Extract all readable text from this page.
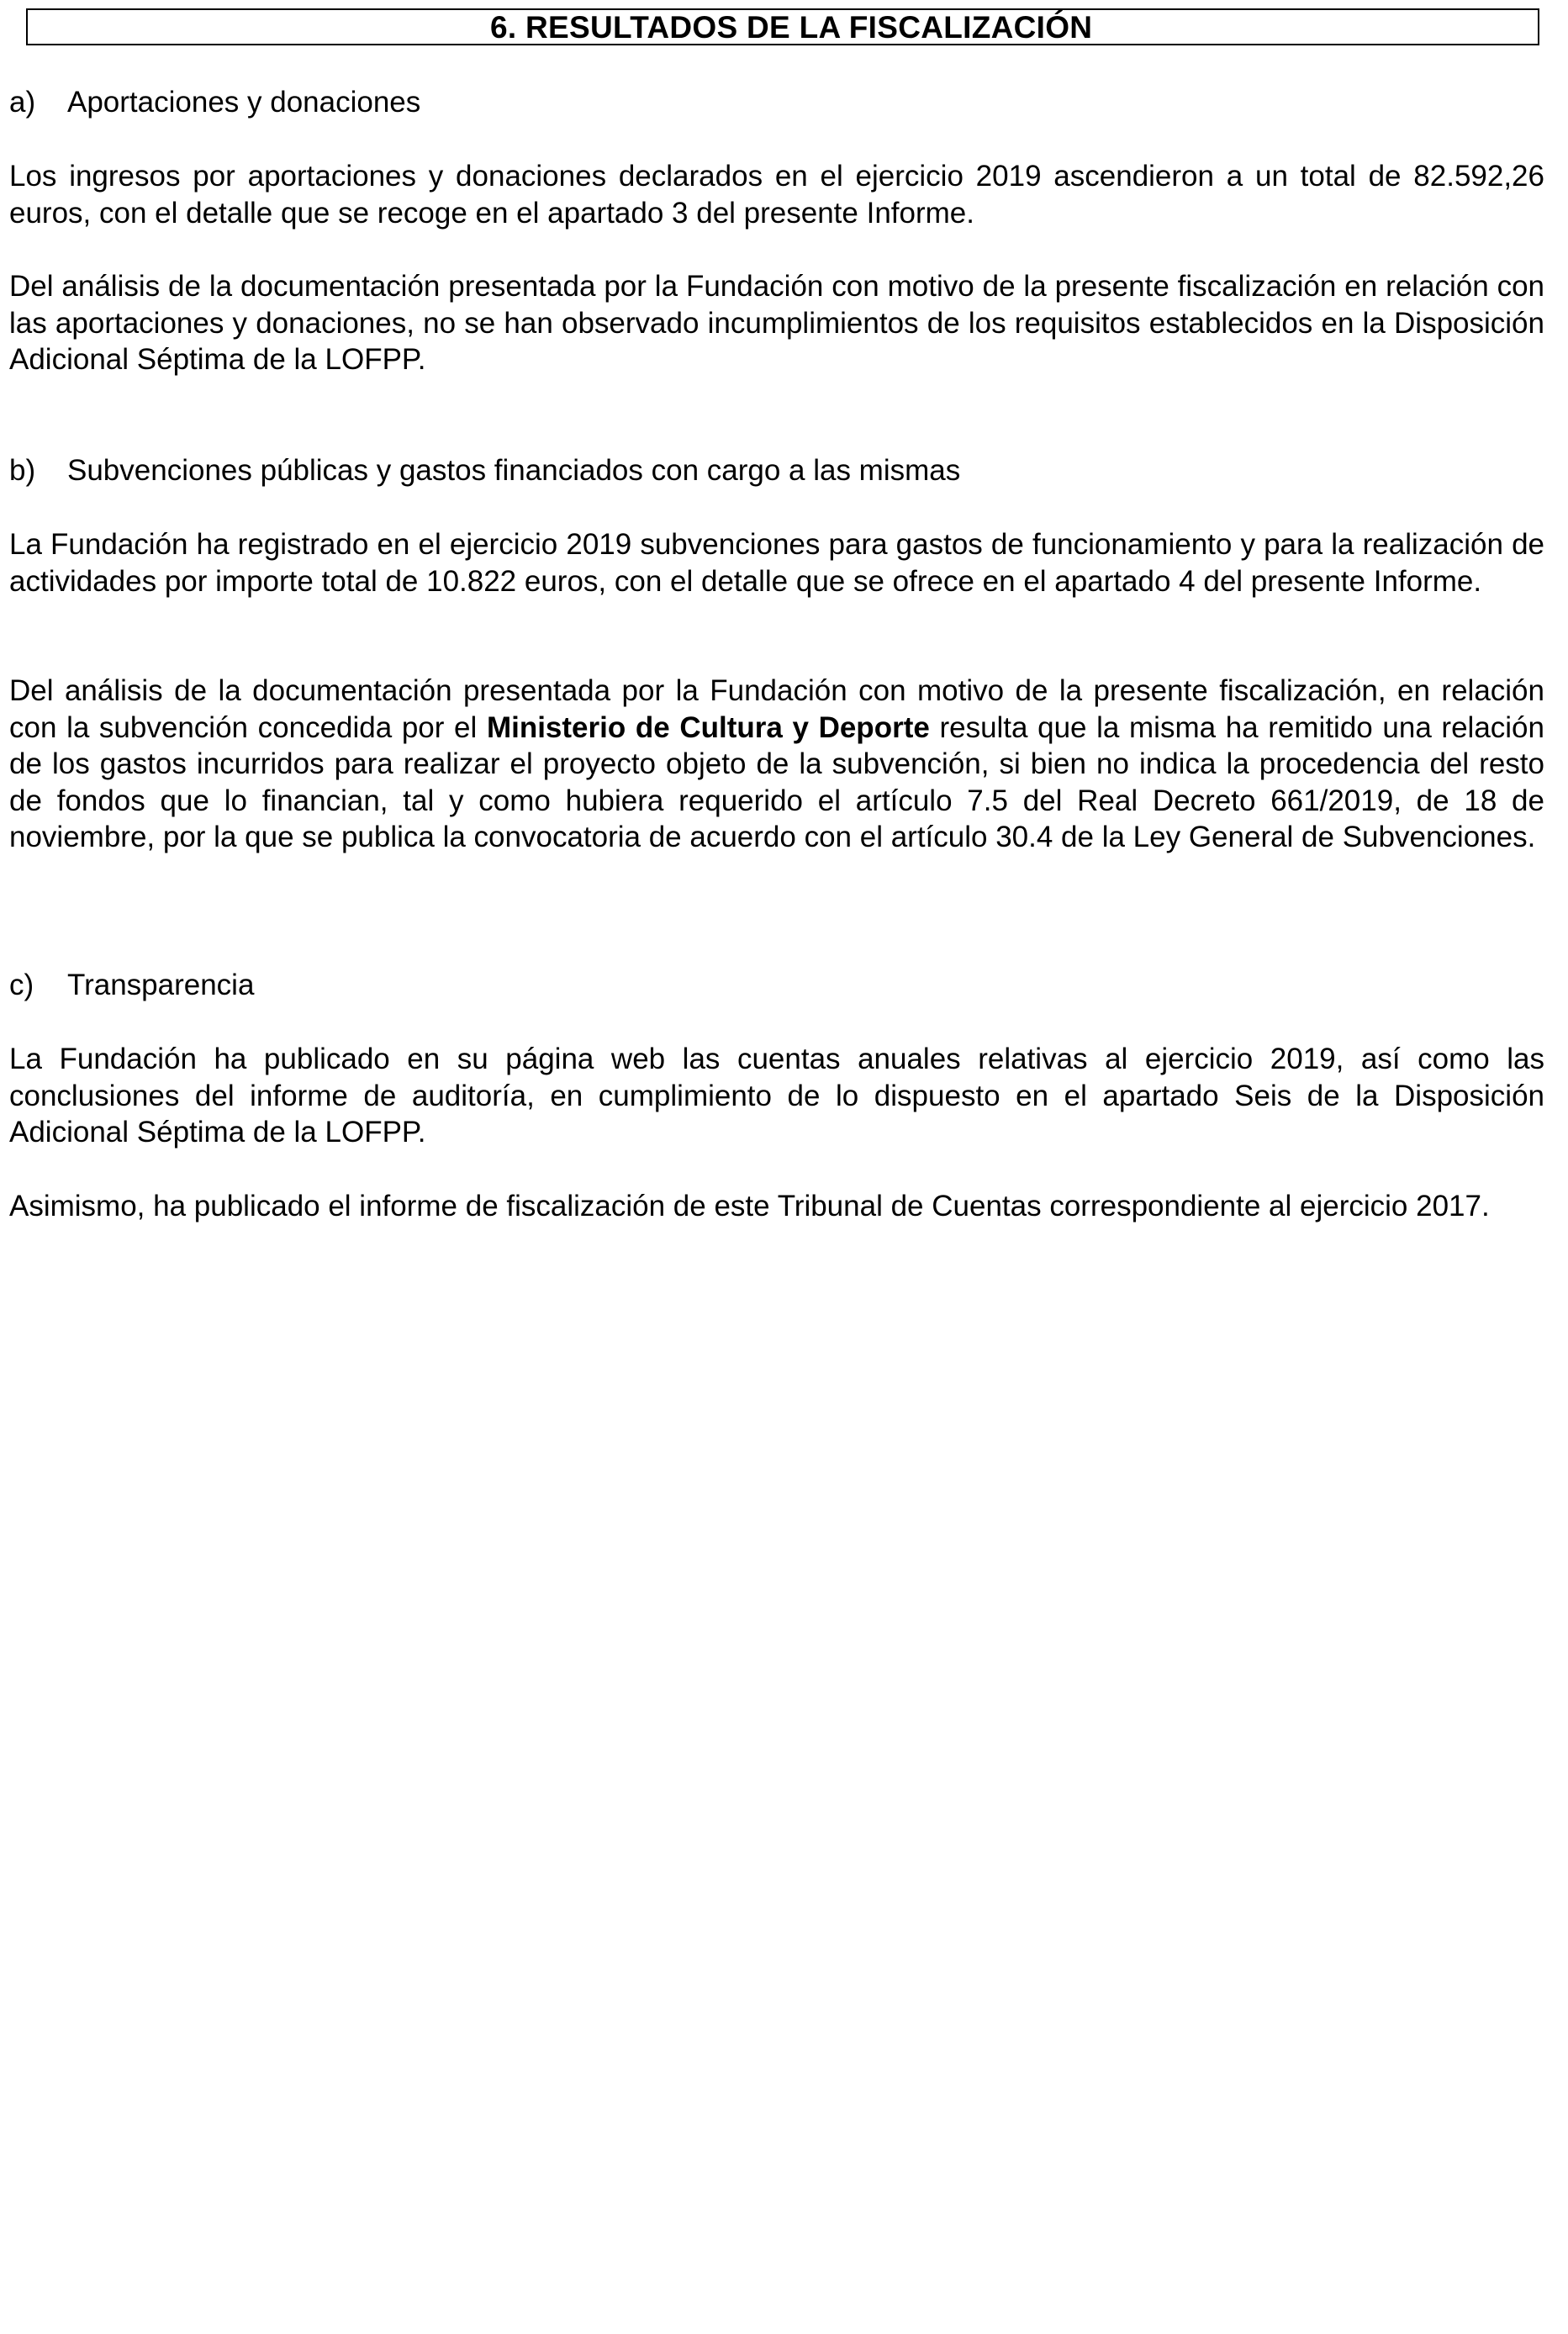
6. RESULTADOS DE LA FISCALIZACIÓN
a) Aportaciones y donaciones

Los ingresos por aportaciones y donaciones declarados en el ejercicio 2019 ascendieron a un total de 82.592,26 euros, con el detalle que se recoge en el apartado 3 del presente Informe.

Del análisis de la documentación presentada por la Fundación con motivo de la presente fiscalización en relación con las aportaciones y donaciones, no se han observado incumplimientos de los requisitos establecidos en la Disposición Adicional Séptima de la LOFPP.

b) Subvenciones públicas y gastos financiados con cargo a las mismas

La Fundación ha registrado en el ejercicio 2019 subvenciones para gastos de funcionamiento y para la realización de actividades por importe total de 10.822 euros, con el detalle que se ofrece en el apartado 4 del presente Informe.

Del análisis de la documentación presentada por la Fundación con motivo de la presente fiscalización, en relación con la subvención concedida por el Ministerio de Cultura y Deporte resulta que la misma ha remitido una relación de los gastos incurridos para realizar el proyecto objeto de la subvención, si bien no indica la procedencia del resto de fondos que lo financian, tal y como hubiera requerido el artículo 7.5 del Real Decreto 661/2019, de 18 de noviembre, por la que se publica la convocatoria de acuerdo con el artículo 30.4 de la Ley General de Subvenciones.

c) Transparencia

La Fundación ha publicado en su página web las cuentas anuales relativas al ejercicio 2019, así como las conclusiones del informe de auditoría, en cumplimiento de lo dispuesto en el apartado Seis de la Disposición Adicional Séptima de la LOFPP.

Asimismo, ha publicado el informe de fiscalización de este Tribunal de Cuentas correspondiente al ejercicio 2017.
